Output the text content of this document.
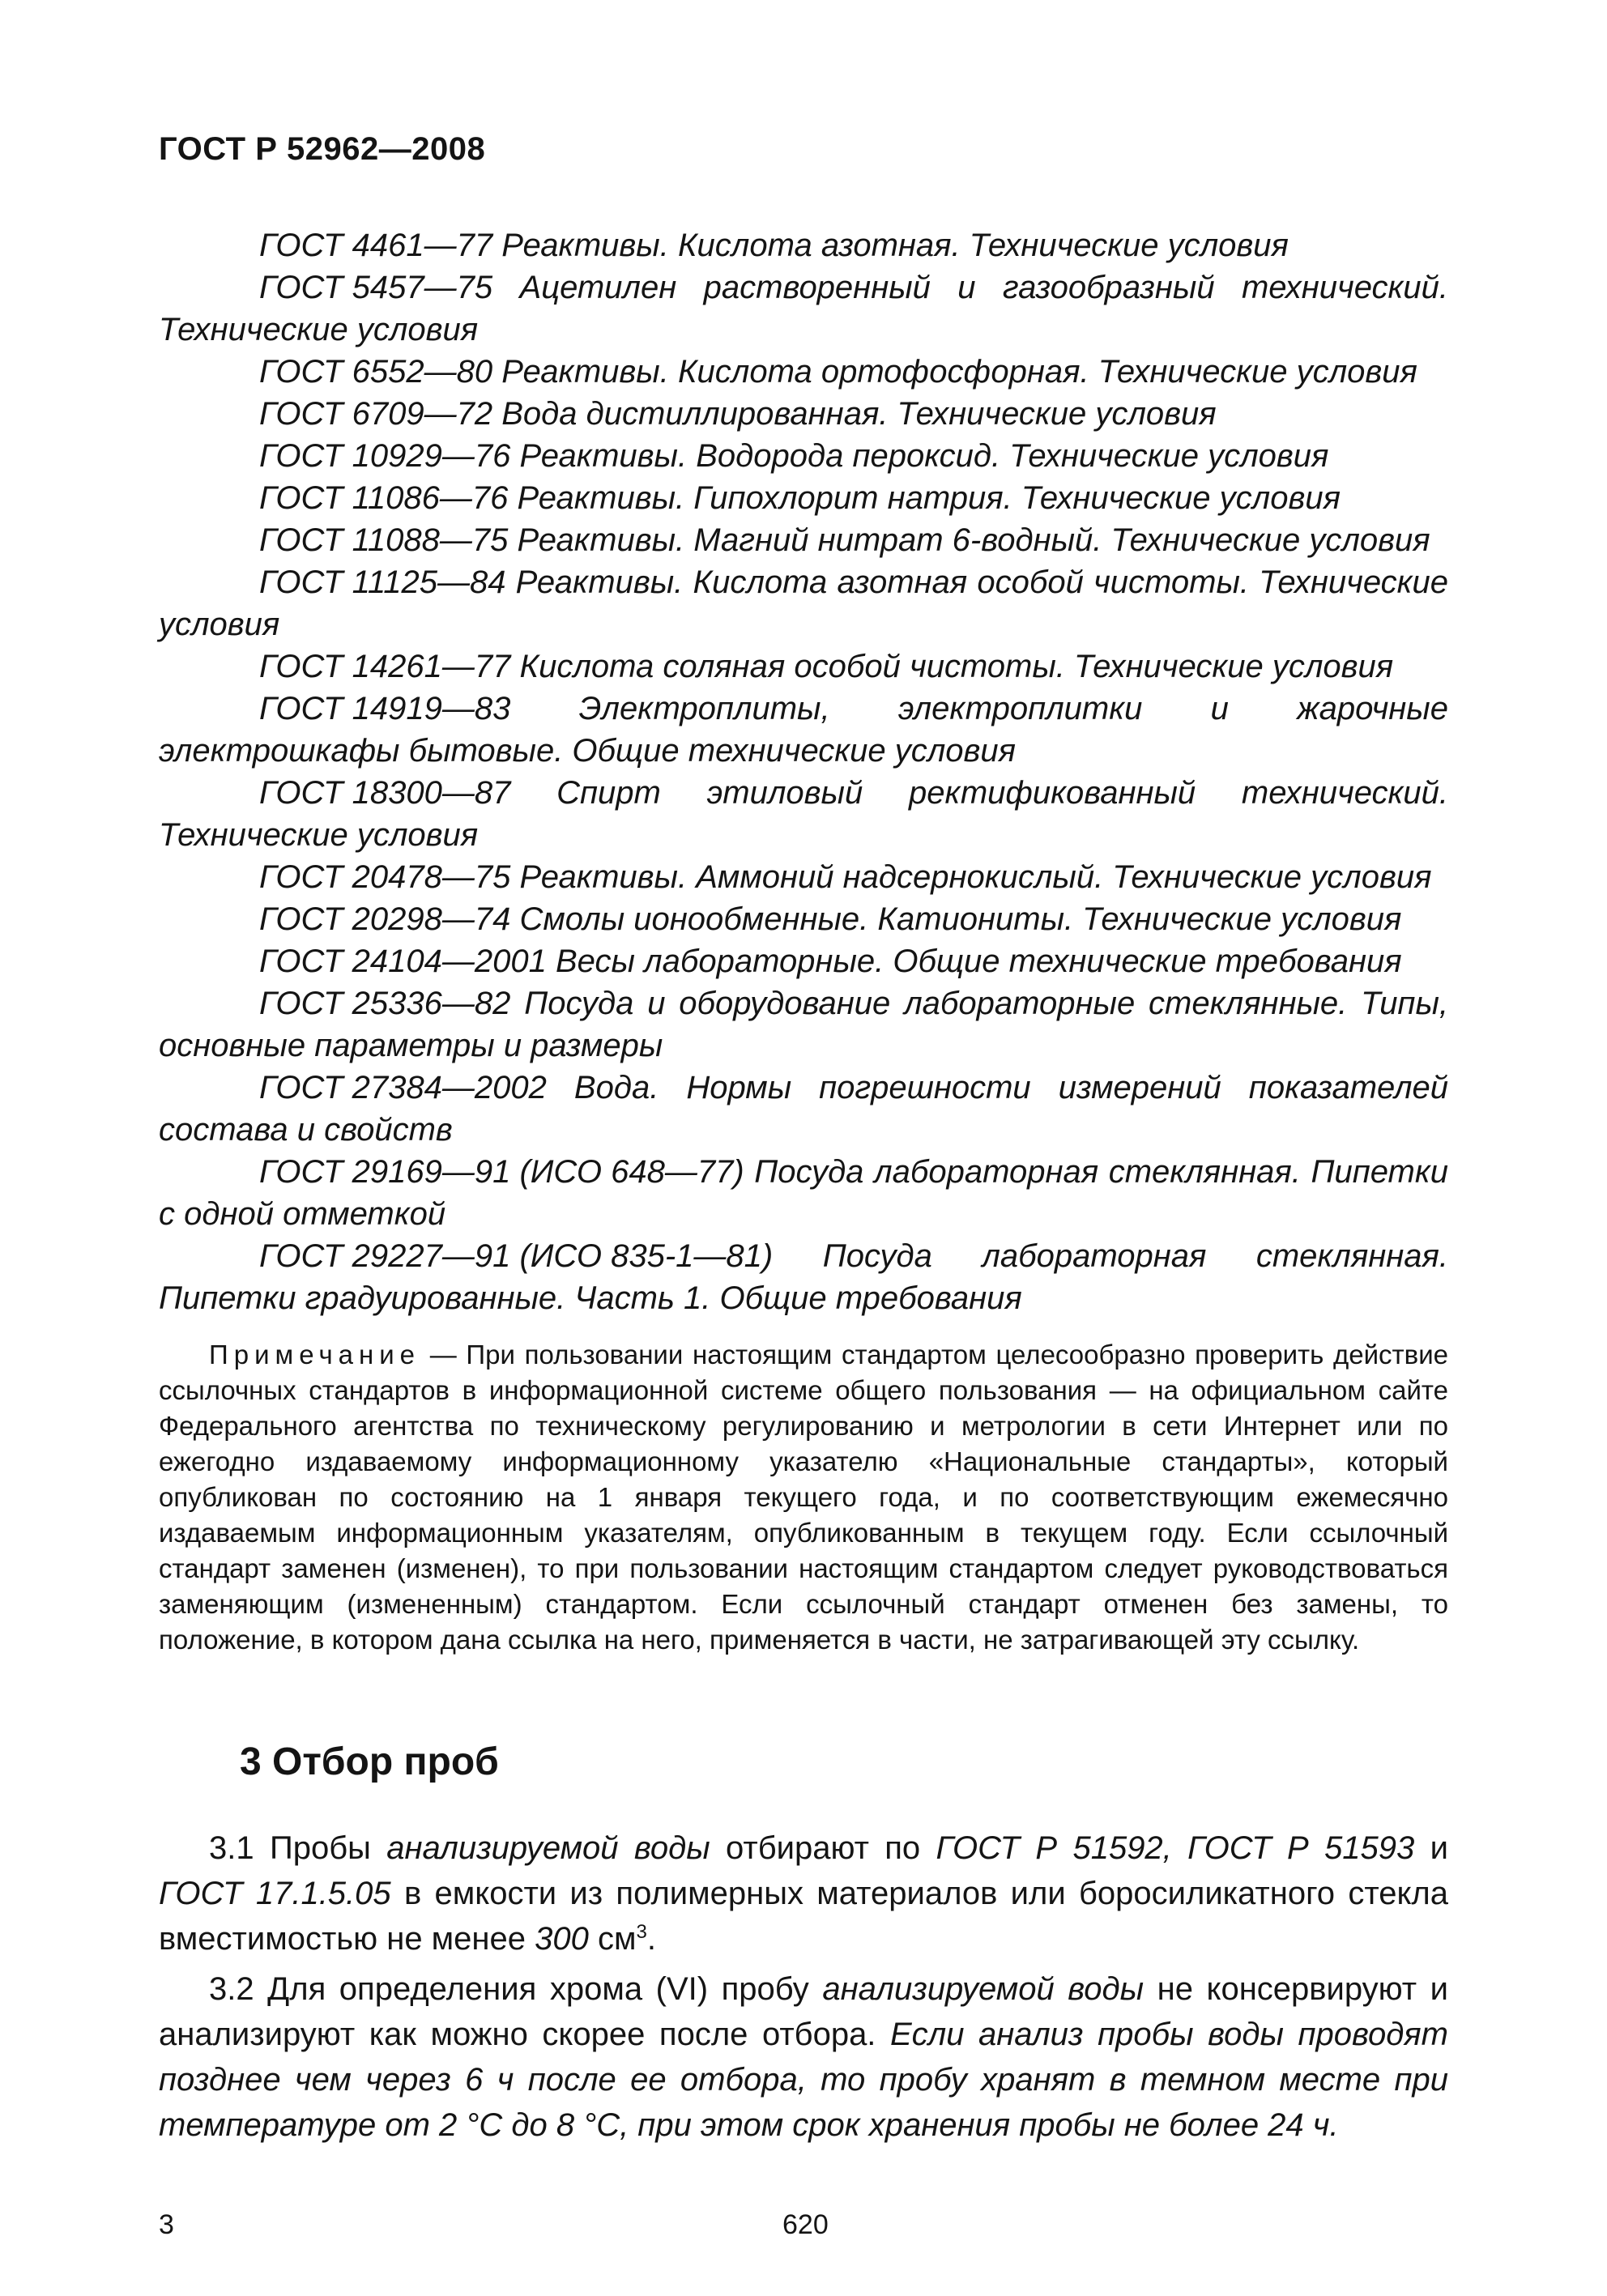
ГОСТ Р 52962—2008
ГОСТ 4461—77 Реактивы. Кислота азотная. Технические условия
ГОСТ 5457—75 Ацетилен растворенный и газообразный технический. Технические условия
ГОСТ 6552—80 Реактивы. Кислота ортофосфорная. Технические условия
ГОСТ 6709—72 Вода дистиллированная. Технические условия
ГОСТ 10929—76 Реактивы. Водорода пероксид. Технические условия
ГОСТ 11086—76 Реактивы. Гипохлорит натрия. Технические условия
ГОСТ 11088—75 Реактивы. Магний нитрат 6-водный. Технические условия
ГОСТ 11125—84 Реактивы. Кислота азотная особой чистоты. Технические условия
ГОСТ 14261—77 Кислота соляная особой чистоты. Технические условия
ГОСТ 14919—83 Электроплиты, электроплитки и жарочные электрошкафы бытовые. Общие технические условия
ГОСТ 18300—87 Спирт этиловый ректификованный технический. Технические условия
ГОСТ 20478—75 Реактивы. Аммоний надсернокислый. Технические условия
ГОСТ 20298—74 Смолы ионообменные. Катиониты. Технические условия
ГОСТ 24104—2001 Весы лабораторные. Общие технические требования
ГОСТ 25336—82 Посуда и оборудование лабораторные стеклянные. Типы, основные параметры и размеры
ГОСТ 27384—2002 Вода. Нормы погрешности измерений показателей состава и свойств
ГОСТ 29169—91 (ИСО 648—77) Посуда лабораторная стеклянная. Пипетки с одной отметкой
ГОСТ 29227—91 (ИСО 835-1—81) Посуда лабораторная стеклянная. Пипетки градуированные. Часть 1. Общие требования
Примечание — При пользовании настоящим стандартом целесообразно проверить действие ссылочных стандартов в информационной системе общего пользования — на официальном сайте Федерального агентства по техническому регулированию и метрологии в сети Интернет или по ежегодно издаваемому информационному указателю «Национальные стандарты», который опубликован по состоянию на 1 января текущего года, и по соответствующим ежемесячно издаваемым информационным указателям, опубликованным в текущем году. Если ссылочный стандарт заменен (изменен), то при пользовании настоящим стандартом следует руководствоваться заменяющим (измененным) стандартом. Если ссылочный стандарт отменен без замены, то положение, в котором дана ссылка на него, применяется в части, не затрагивающей эту ссылку.
3 Отбор проб

3.1 Пробы анализируемой воды отбирают по ГОСТ Р 51592, ГОСТ Р 51593 и ГОСТ 17.1.5.05 в емкости из полимерных материалов или боросиликатного стекла вместимостью не менее 300 $см^3$.

3.2 Для определения хрома (VI) пробу анализируемой воды не консервируют и анализируют как можно скорее после отбора. Если анализ пробы воды проводят позднее чем через 6 ч после ее отбора, то пробу хранят в темном месте при температуре от 2 °С до 8 °С, при этом срок хранения пробы не более 24 ч.

3	620
